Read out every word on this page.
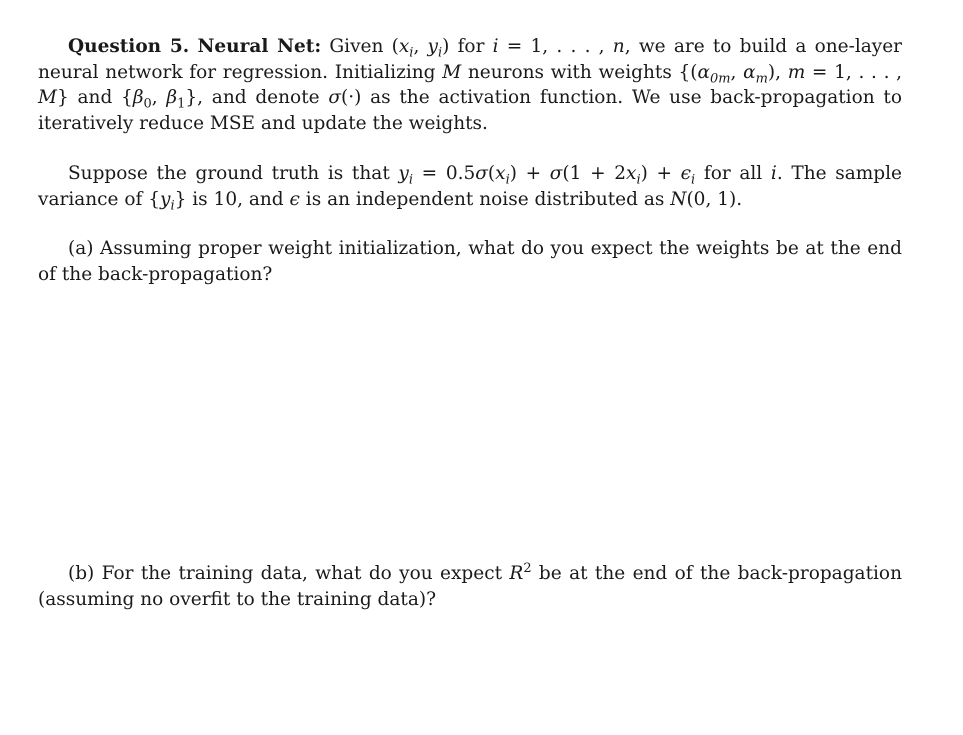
Question 5. Neural Net: Given ($x_i$, $y_i$) for i = 1, . . . , n, we are to build a one-layer neural network for regression. Initializing M neurons with weights {($\alpha_{0m}$, $\alpha_m$), m = 1, . . . , M} and {$\beta_0$, $\beta_1$}, and denote σ(·) as the activation function. We use back-propagation to iteratively reduce MSE and update the weights.

Suppose the ground truth is that $y_i = 0.5\sigma(x_i) + \sigma(1 + 2x_i) + \epsilon_i$ for all i. The sample variance of $\{y_i\}$ is 10, and ϵ is an independent noise distributed as N(0, 1).

(a) Assuming proper weight initialization, what do you expect the weights be at the end of the back-propagation?

(b) For the training data, what do you expect $R^2$ be at the end of the back-propagation (assuming no overfit to the training data)?
